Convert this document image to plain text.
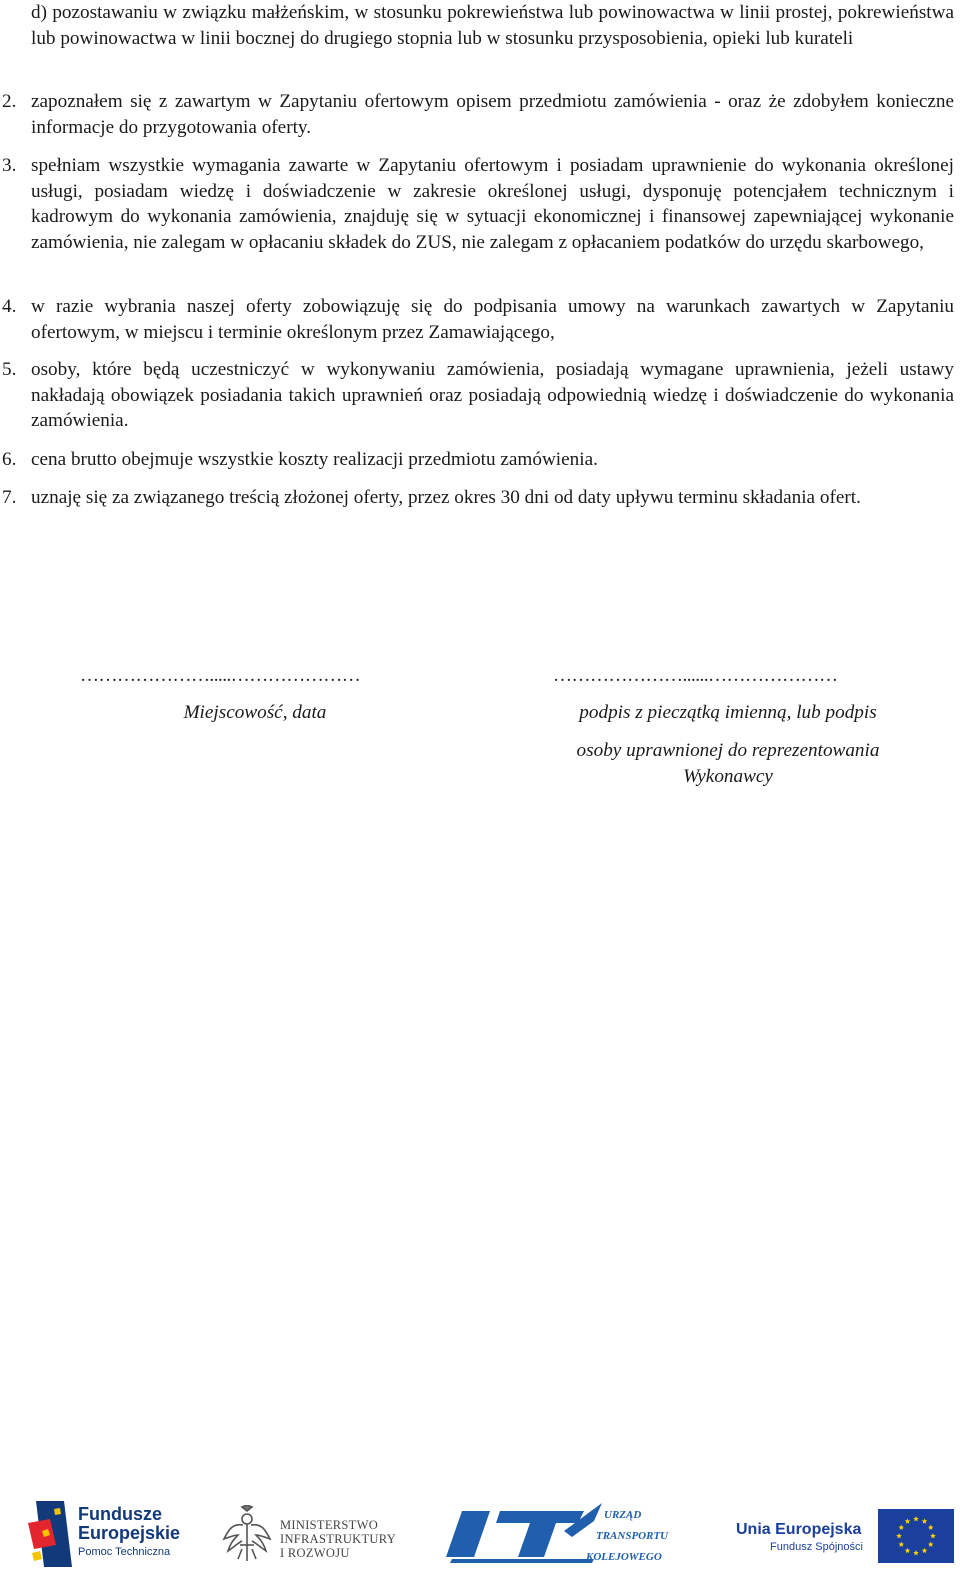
d) pozostawaniu w związku małżeńskim, w stosunku pokrewieństwa lub powinowactwa w linii prostej, pokrewieństwa lub powinowactwa w linii bocznej do drugiego stopnia lub w stosunku przysposobienia, opieki lub kurateli
2. zapoznałem się z zawartym w Zapytaniu ofertowym opisem przedmiotu zamówienia - oraz że zdobyłem konieczne informacje do przygotowania oferty.
3. spełniam wszystkie wymagania zawarte w Zapytaniu ofertowym i posiadam uprawnienie do wykonania określonej usługi, posiadam wiedzę i doświadczenie w zakresie określonej usługi, dysponuję potencjałem technicznym i kadrowym do wykonania zamówienia, znajduję się w sytuacji ekonomicznej i finansowej zapewniającej wykonanie zamówienia, nie zalegam w opłacaniu składek do ZUS, nie zalegam z opłacaniem podatków do urzędu skarbowego,
4. w razie wybrania naszej oferty zobowiązuję się do podpisania umowy na warunkach zawartych w Zapytaniu ofertowym, w miejscu i terminie określonym przez Zamawiającego,
5. osoby, które będą uczestniczyć w wykonywaniu zamówienia, posiadają wymagane uprawnienia, jeżeli ustawy nakładają obowiązek posiadania takich uprawnień oraz posiadają odpowiednią wiedzę i doświadczenie do wykonania zamówienia.
6. cena brutto obejmuje wszystkie koszty realizacji przedmiotu zamówienia.
7. uznaję się za związanego treścią złożonej oferty, przez okres 30 dni od daty upływu terminu składania ofert.
………………….....…………………
Miejscowość, data
…………………......…………………
podpis z pieczątką imienną, lub podpis
osoby uprawnionej do reprezentowania
Wykonawcy
Fundusze
Europejskie
Pomoc Techniczna
MINISTERSTWO
INFRASTRUKTURY
I ROZWOJU
URZĄD
TRANSPORTU
KOLEJOWEGO
Unia Europejska
Fundusz Spójności
